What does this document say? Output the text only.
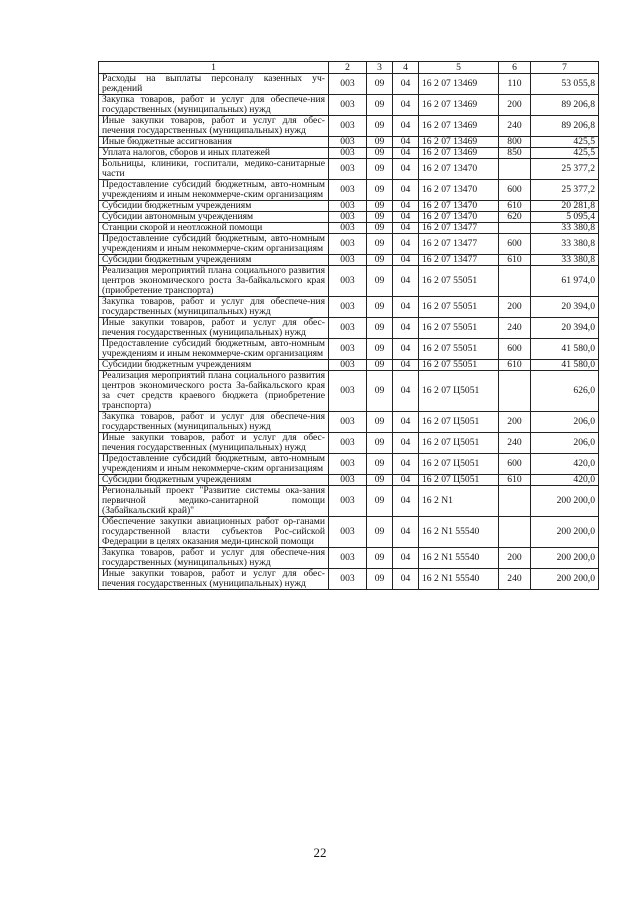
1	2	3	4	5	6	7
Расходы на выплаты персоналу казенных уч-реждений	003	09	04	16 2 07 13469	110	53 055,8
Закупка товаров, работ и услуг для обеспече-ния государственных (муниципальных) нужд	003	09	04	16 2 07 13469	200	89 206,8
Иные закупки товаров, работ и услуг для обес-печения государственных (муниципальных) нужд	003	09	04	16 2 07 13469	240	89 206,8
Иные бюджетные ассигнования	003	09	04	16 2 07 13469	800	425,5
Уплата налогов, сборов и иных платежей	003	09	04	16 2 07 13469	850	425,5
Больницы, клиники, госпитали, медико-санитарные части	003	09	04	16 2 07 13470		25 377,2
Предоставление субсидий бюджетным, авто-номным учреждениям и иным некоммерче-ским организациям	003	09	04	16 2 07 13470	600	25 377,2
Субсидии бюджетным учреждениям	003	09	04	16 2 07 13470	610	20 281,8
Субсидии автономным учреждениям	003	09	04	16 2 07 13470	620	5 095,4
Станции скорой и неотложной помощи	003	09	04	16 2 07 13477		33 380,8
Предоставление субсидий бюджетным, авто-номным учреждениям и иным некоммерче-ским организациям	003	09	04	16 2 07 13477	600	33 380,8
Субсидии бюджетным учреждениям	003	09	04	16 2 07 13477	610	33 380,8
Реализация мероприятий плана социального развития центров экономического роста За-байкальского края (приобретение транспорта)	003	09	04	16 2 07 55051		61 974,0
Закупка товаров, работ и услуг для обеспече-ния государственных (муниципальных) нужд	003	09	04	16 2 07 55051	200	20 394,0
Иные закупки товаров, работ и услуг для обес-печения государственных (муниципальных) нужд	003	09	04	16 2 07 55051	240	20 394,0
Предоставление субсидий бюджетным, авто-номным учреждениям и иным некоммерче-ским организациям	003	09	04	16 2 07 55051	600	41 580,0
Субсидии бюджетным учреждениям	003	09	04	16 2 07 55051	610	41 580,0
Реализация мероприятий плана социального развития центров экономического роста За-байкальского края за счет средств краевого бюджета (приобретение транспорта)	003	09	04	16 2 07 Ц5051		626,0
Закупка товаров, работ и услуг для обеспече-ния государственных (муниципальных) нужд	003	09	04	16 2 07 Ц5051	200	206,0
Иные закупки товаров, работ и услуг для обес-печения государственных (муниципальных) нужд	003	09	04	16 2 07 Ц5051	240	206,0
Предоставление субсидий бюджетным, авто-номным учреждениям и иным некоммерче-ским организациям	003	09	04	16 2 07 Ц5051	600	420,0
Субсидии бюджетным учреждениям	003	09	04	16 2 07 Ц5051	610	420,0
Региональный проект "Развитие системы ока-зания первичной медико-санитарной помощи (Забайкальский край)"	003	09	04	16 2 N1		200 200,0
Обеспечение закупки авиационных работ ор-ганами государственной власти субъектов Рос-сийской Федерации в целях оказания меди-цинской помощи	003	09	04	16 2 N1 55540		200 200,0
Закупка товаров, работ и услуг для обеспече-ния государственных (муниципальных) нужд	003	09	04	16 2 N1 55540	200	200 200,0
Иные закупки товаров, работ и услуг для обес-печения государственных (муниципальных) нужд	003	09	04	16 2 N1 55540	240	200 200,0
22
